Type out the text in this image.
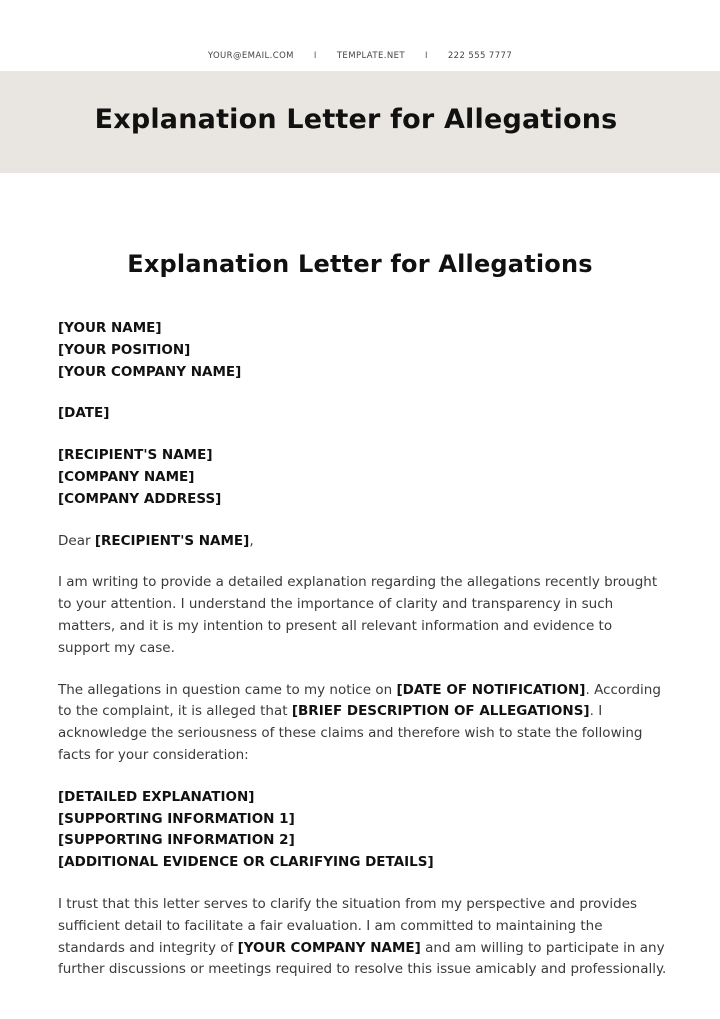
YOUR@EMAIL.COM I TEMPLATE.NET I 222 555 7777
Explanation Letter for Allegations
Explanation Letter for Allegations
[YOUR NAME]
[YOUR POSITION]
[YOUR COMPANY NAME]
[DATE]
[RECIPIENT'S NAME]
[COMPANY NAME]
[COMPANY ADDRESS]
Dear [RECIPIENT'S NAME],
I am writing to provide a detailed explanation regarding the allegations recently brought to your attention. I understand the importance of clarity and transparency in such matters, and it is my intention to present all relevant information and evidence to support my case.
The allegations in question came to my notice on [DATE OF NOTIFICATION]. According to the complaint, it is alleged that [BRIEF DESCRIPTION OF ALLEGATIONS]. I acknowledge the seriousness of these claims and therefore wish to state the following facts for your consideration:
[DETAILED EXPLANATION]
[SUPPORTING INFORMATION 1]
[SUPPORTING INFORMATION 2]
[ADDITIONAL EVIDENCE OR CLARIFYING DETAILS]
I trust that this letter serves to clarify the situation from my perspective and provides sufficient detail to facilitate a fair evaluation. I am committed to maintaining the standards and integrity of [YOUR COMPANY NAME] and am willing to participate in any further discussions or meetings required to resolve this issue amicably and professionally.
